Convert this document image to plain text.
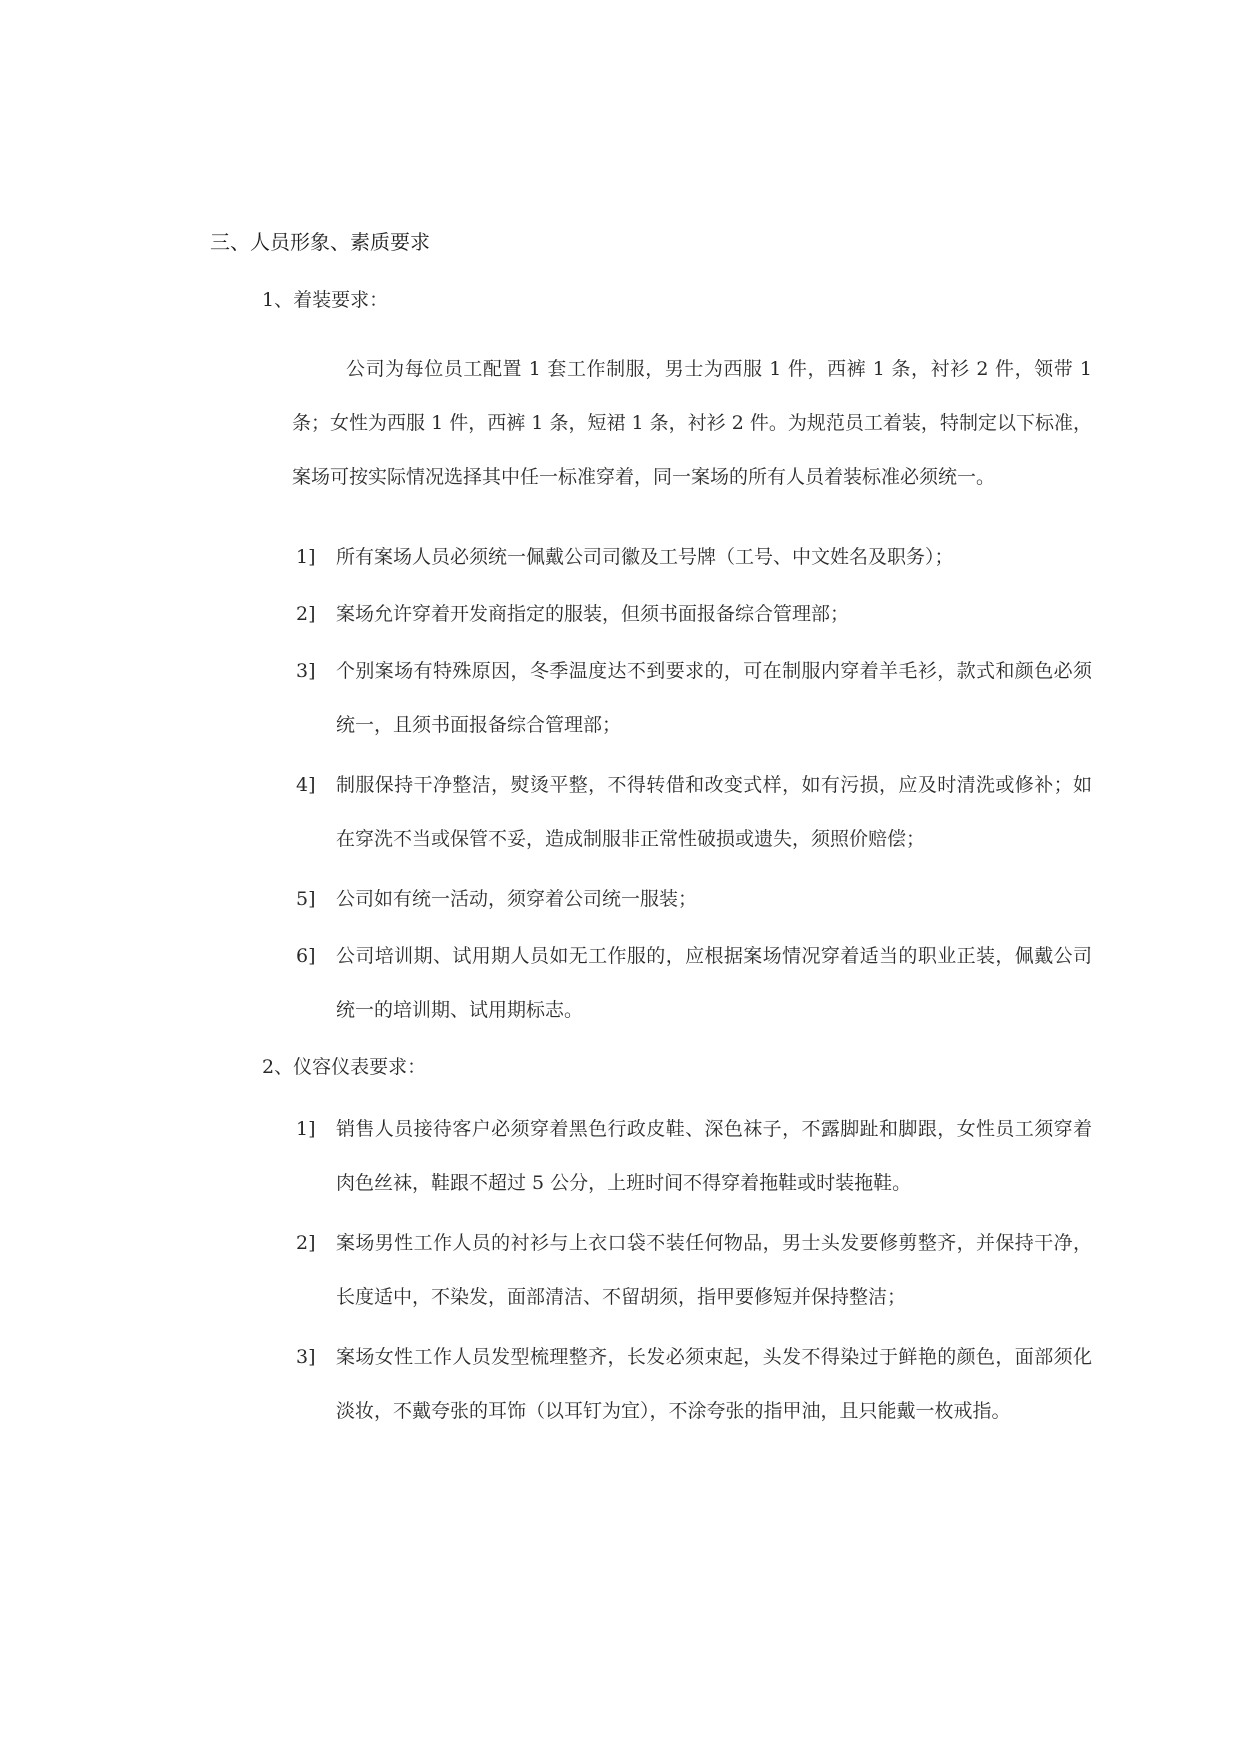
三、人员形象、素质要求
1、着装要求：
公司为每位员工配置 1 套工作制服，男士为西服 1 件，西裤 1 条，衬衫 2 件，领带 1 条；女性为西服 1 件，西裤 1 条，短裙 1 条，衬衫 2 件。为规范员工着装，特制定以下标准，案场可按实际情况选择其中任一标准穿着，同一案场的所有人员着装标准必须统一。
1] 所有案场人员必须统一佩戴公司司徽及工号牌（工号、中文姓名及职务）；
2] 案场允许穿着开发商指定的服装，但须书面报备综合管理部；
3] 个别案场有特殊原因，冬季温度达不到要求的，可在制服内穿着羊毛衫，款式和颜色必须统一，且须书面报备综合管理部；
4] 制服保持干净整洁，熨烫平整，不得转借和改变式样，如有污损，应及时清洗或修补；如在穿洗不当或保管不妥，造成制服非正常性破损或遗失，须照价赔偿；
5] 公司如有统一活动，须穿着公司统一服装；
6] 公司培训期、试用期人员如无工作服的，应根据案场情况穿着适当的职业正装，佩戴公司统一的培训期、试用期标志。
2、仪容仪表要求：
1] 销售人员接待客户必须穿着黑色行政皮鞋、深色袜子，不露脚趾和脚跟，女性员工须穿着肉色丝袜，鞋跟不超过 5 公分，上班时间不得穿着拖鞋或时装拖鞋。
2] 案场男性工作人员的衬衫与上衣口袋不装任何物品，男士头发要修剪整齐，并保持干净，长度适中，不染发，面部清洁、不留胡须，指甲要修短并保持整洁；
3] 案场女性工作人员发型梳理整齐，长发必须束起，头发不得染过于鲜艳的颜色，面部须化淡妆，不戴夸张的耳饰（以耳钉为宜），不涂夸张的指甲油，且只能戴一枚戒指。
